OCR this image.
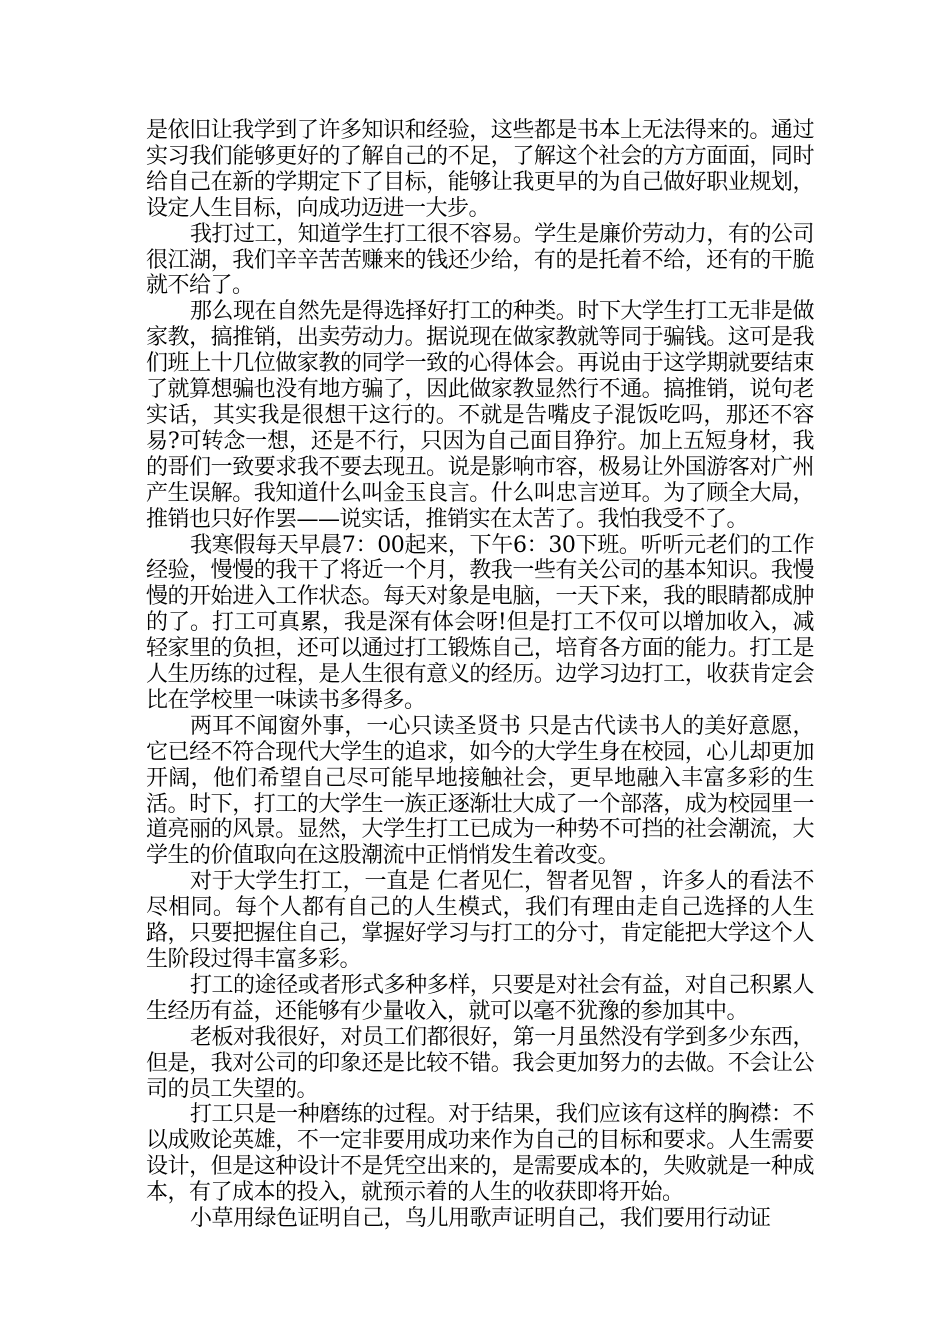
是依旧让我学到了许多知识和经验，这些都是书本上无法得来的。通过实习我们能够更好的了解自己的不足，了解这个社会的方方面面，同时给自己在新的学期定下了目标，能够让我更早的为自己做好职业规划，设定人生目标，向成功迈进一大步。

我打过工，知道学生打工很不容易。学生是廉价劳动力，有的公司很江湖，我们辛辛苦苦赚来的钱还少给，有的是托着不给，还有的干脆就不给了。

那么现在自然先是得选择好打工的种类。时下大学生打工无非是做家教，搞推销，出卖劳动力。据说现在做家教就等同于骗钱。这可是我们班上十几位做家教的同学一致的心得体会。再说由于这学期就要结束了就算想骗也没有地方骗了，因此做家教显然行不通。搞推销，说句老实话，其实我是很想干这行的。不就是告嘴皮子混饭吃吗，那还不容易?可转念一想，还是不行，只因为自己面目狰狞。加上五短身材，我的哥们一致要求我不要去现丑。说是影响市容，极易让外国游客对广州产生误解。我知道什么叫金玉良言。什么叫忠言逆耳。为了顾全大局，推销也只好作罢——说实话，推销实在太苦了。我怕我受不了。

我寒假每天早晨7：00起来，下午6：30下班。听听元老们的工作经验，慢慢的我干了将近一个月，教我一些有关公司的基本知识。我慢慢的开始进入工作状态。每天对象是电脑，一天下来，我的眼睛都成肿的了。打工可真累，我是深有体会呀!但是打工不仅可以增加收入，减轻家里的负担，还可以通过打工锻炼自己，培育各方面的能力。打工是人生历练的过程，是人生很有意义的经历。边学习边打工，收获肯定会比在学校里一味读书多得多。

两耳不闻窗外事，一心只读圣贤书 只是古代读书人的美好意愿，它已经不符合现代大学生的追求，如今的大学生身在校园，心儿却更加开阔，他们希望自己尽可能早地接触社会，更早地融入丰富多彩的生活。时下，打工的大学生一族正逐渐壮大成了一个部落，成为校园里一道亮丽的风景。显然，大学生打工已成为一种势不可挡的社会潮流，大学生的价值取向在这股潮流中正悄悄发生着改变。

对于大学生打工，一直是 仁者见仁，智者见智 ，许多人的看法不尽相同。每个人都有自己的人生模式，我们有理由走自己选择的人生路，只要把握住自己，掌握好学习与打工的分寸，肯定能把大学这个人生阶段过得丰富多彩。

打工的途径或者形式多种多样，只要是对社会有益，对自己积累人生经历有益，还能够有少量收入，就可以毫不犹豫的参加其中。

老板对我很好，对员工们都很好，第一月虽然没有学到多少东西，但是，我对公司的印象还是比较不错。我会更加努力的去做。不会让公司的员工失望的。

打工只是一种磨练的过程。对于结果，我们应该有这样的胸襟：不以成败论英雄，不一定非要用成功来作为自己的目标和要求。人生需要设计，但是这种设计不是凭空出来的，是需要成本的，失败就是一种成本，有了成本的投入，就预示着的人生的收获即将开始。

小草用绿色证明自己，鸟儿用歌声证明自己，我们要用行动证
